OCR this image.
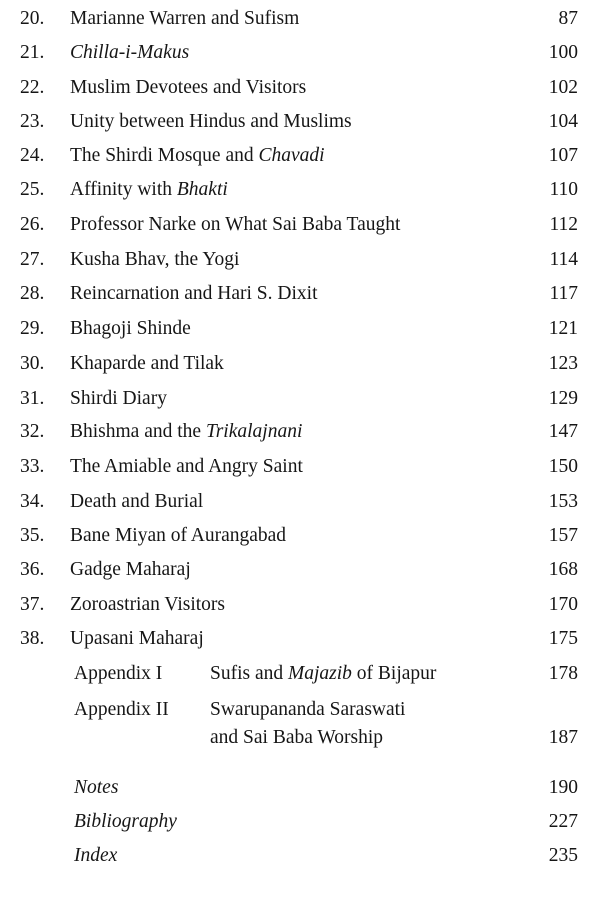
20. Marianne Warren and Sufism	87
21. Chilla-i-Makus	100
22. Muslim Devotees and Visitors	102
23. Unity between Hindus and Muslims	104
24. The Shirdi Mosque and Chavadi	107
25. Affinity with Bhakti	110
26. Professor Narke on What Sai Baba Taught	112
27. Kusha Bhav, the Yogi	114
28. Reincarnation and Hari S. Dixit	117
29. Bhagoji Shinde	121
30. Khaparde and Tilak	123
31. Shirdi Diary	129
32. Bhishma and the Trikalajnani	147
33. The Amiable and Angry Saint	150
34. Death and Burial	153
35. Bane Miyan of Aurangabad	157
36. Gadge Maharaj	168
37. Zoroastrian Visitors	170
38. Upasani Maharaj	175
Appendix I Sufis and Majazib of Bijapur	178
Appendix II Swarupananda Saraswati
and Sai Baba Worship	187
Notes	190
Bibliography	227
Index	235
